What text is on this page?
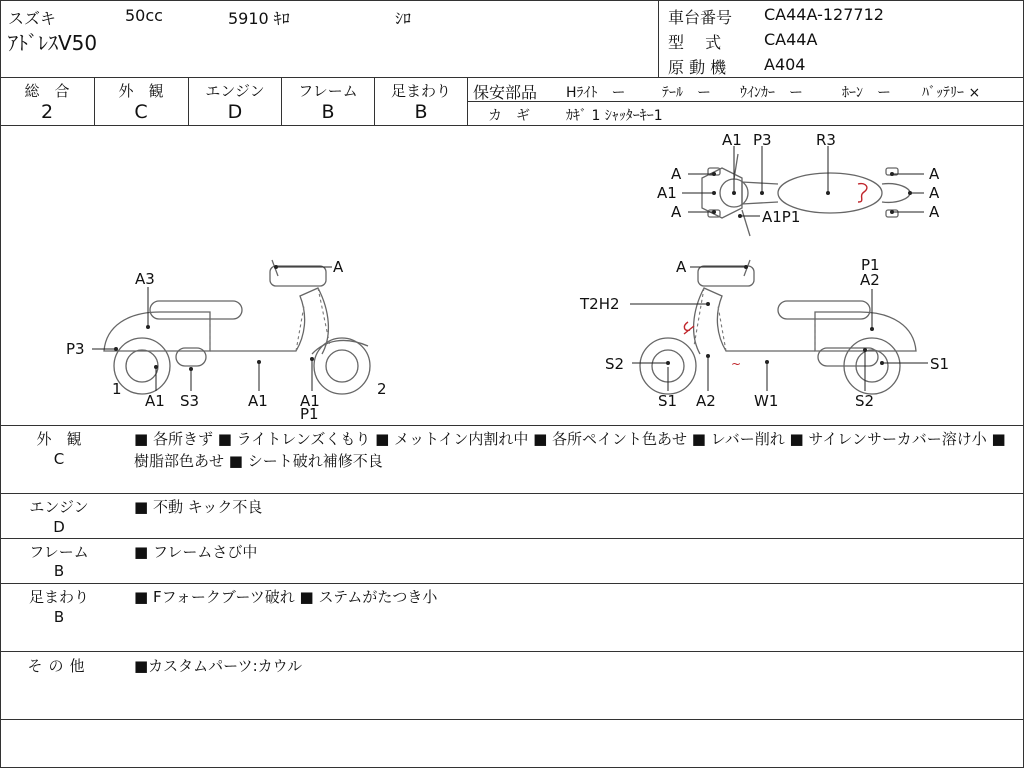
スズキ	50cc	5910 ｷﾛ	ｼﾛ
ｱﾄﾞﾚｽV50
車台番号 CA44A-127712
型　 式	CA44A
原 動 機 A404
総　合
2
外　観
C
エンジン
D
フレーム
B
足まわり
B
保安部品 Hﾗｲﾄ　ー	ﾃｰﾙ　ー ｳｲﾝｶｰ　ー	ﾎｰﾝ　ー ﾊﾞｯﾃﾘｰ ×
カ　ギ	ｶｷﾞ 1 ｼｬｯﾀｰｷｰ1
A
A3
P3
1
A1 S3	A1 A1
P1
2
~
A	P1
A2
T2H2
S2	S1
S1 A2	W1	S2
A1 P3	R3
A
A1
A
A
A
A
A1P1
外　観
C
■ 各所きず ■ ライトレンズくもり ■ メットイン内割れ中 ■ 各所ペイント色あせ ■ レバー削れ ■ サイレンサーカバー溶け小 ■ 樹脂部色あせ ■ シート破れ補修不良
エンジン
D
■ 不動 キック不良
フレーム
B
■ フレームさび中
足まわり
B
■ Fフォークブーツ破れ ■ ステムがたつき小
その他	■カスタムパーツ:カウル
